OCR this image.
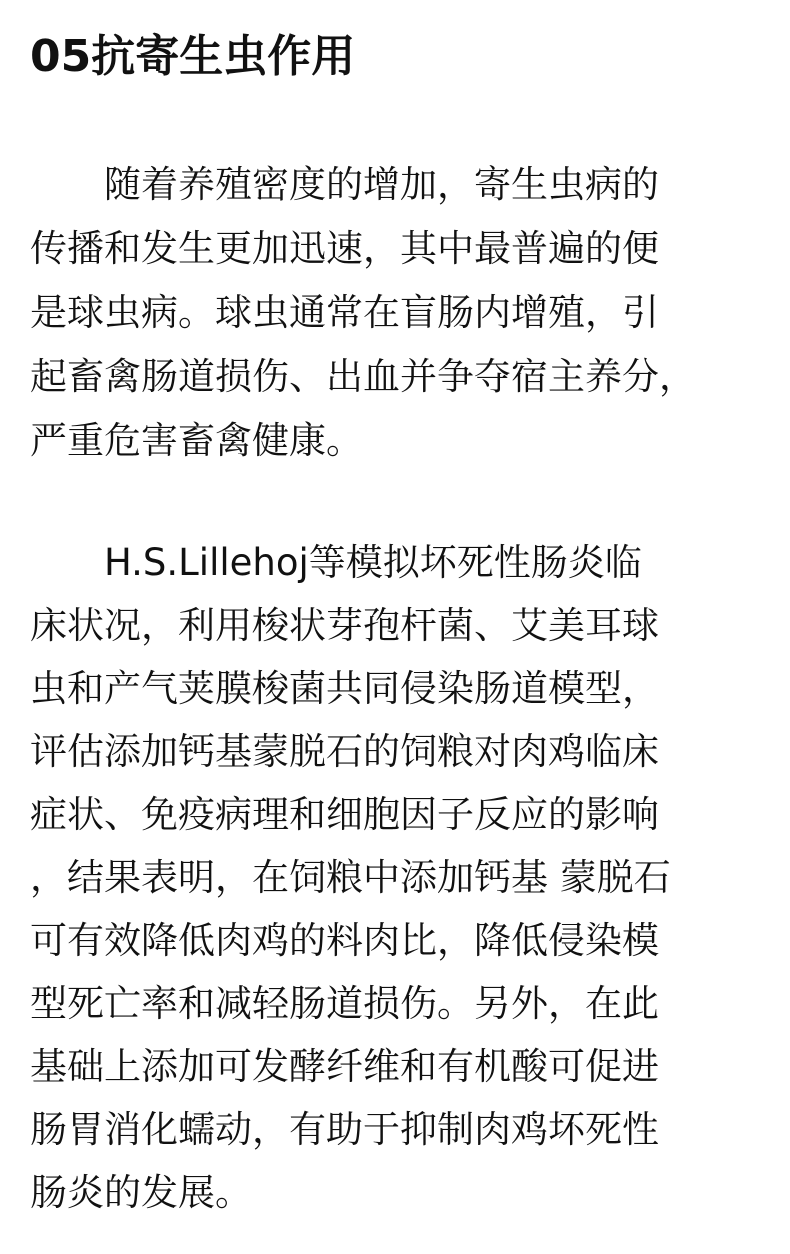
05抗寄生虫作用

　　随着养殖密度的增加，寄生虫病的

传播和发生更加迅速，其中最普遍的便

是球虫病。球虫通常在盲肠内增殖，引

起畜禽肠道损伤、出血并争夺宿主养分，

严重危害畜禽健康。

　　H.S.Lillehoj等模拟坏死性肠炎临

床状况，利用梭状芽孢杆菌、艾美耳球

虫和产气荚膜梭菌共同侵染肠道模型，

评估添加钙基蒙脱石的饲粮对肉鸡临床

症状、免疫病理和细胞因子反应的影响

，结果表明，在饲粮中添加钙基 蒙脱石

可有效降低肉鸡的料肉比，降低侵染模

型死亡率和减轻肠道损伤。另外，在此

基础上添加可发酵纤维和有机酸可促进

肠胃消化蠕动，有助于抑制肉鸡坏死性

肠炎的发展。
